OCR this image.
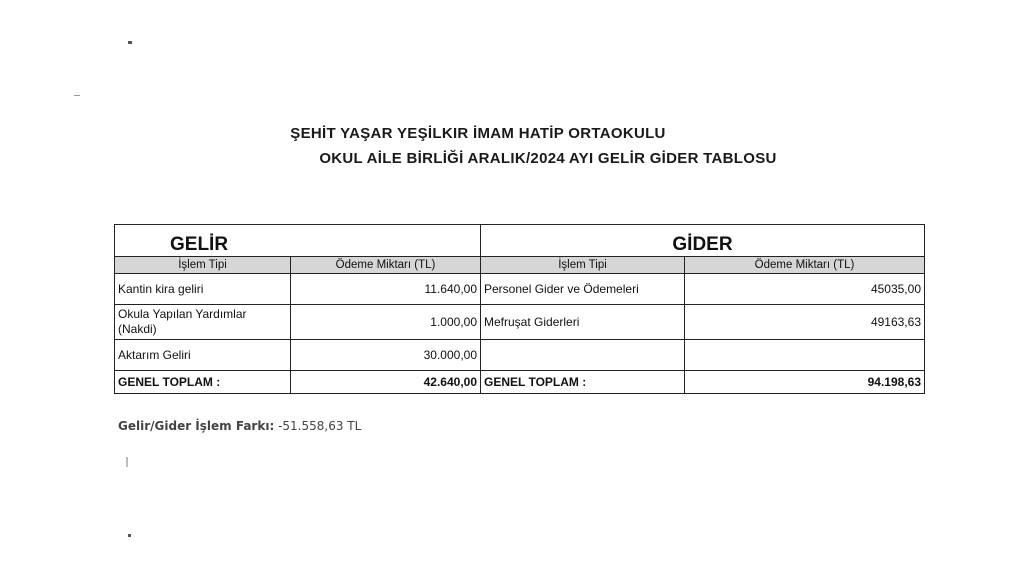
ŞEHİT YAŞAR YEŞİLKIR İMAM HATİP ORTAOKULU
OKUL AİLE BİRLİĞİ ARALIK/2024 AYI GELİR GİDER TABLOSU
GELİR		GİDER	
İşlem Tipi	Ödeme Miktarı (TL)	İşlem Tipi	Ödeme Miktarı (TL)
Kantin kira geliri	11.640,00	Personel Gider ve Ödemeleri	45035,00
Okula Yapılan Yardımlar (Nakdi)	1.000,00	Mefruşat Giderleri	49163,63
Aktarım Geliri	30.000,00		
GENEL TOPLAM :	42.640,00	GENEL TOPLAM :	94.198,63
Gelir/Gider İşlem Farkı: -51.558,63 TL
